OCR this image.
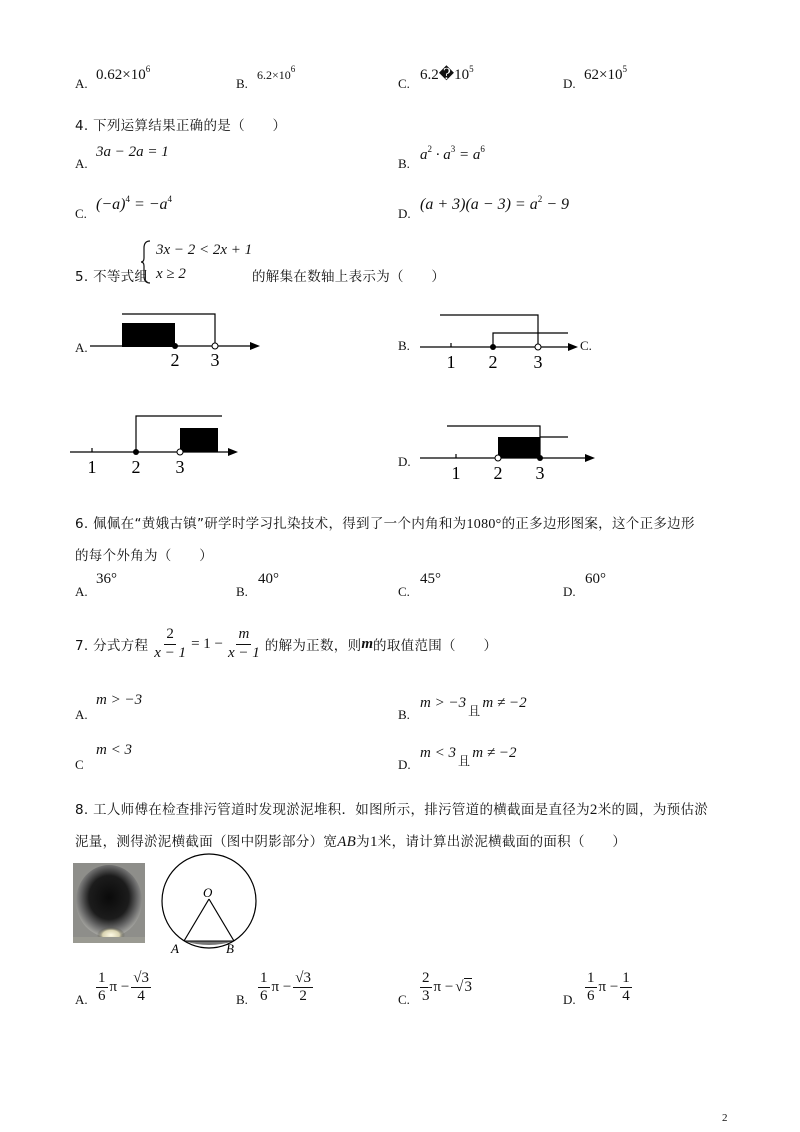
A.
$0.62\times 10^6$
B.
$6.2\times 10^6$
C.
$6.2�10^5$
D.
$62\times 10^5$
4. 下列运算结果正确的是（　　）
A.
3a − 2a = 1
B.
$a^2 \cdot a^3 = a^6$
C.
$(-a)^4 = -a^4$
D.
$(a + 3)(a - 3) = a^2 - 9$
5. 不等式组
3x − 2 < 2x + 1
x ≥ 2	的解集在数轴上表示为（　　）
A.
2 3
B.
1 2 3
C.
1 2 3	D.
1 2 3
6. 佩佩在“黄娥古镇”研学时学习扎染技术，得到了一个内角和为1080°的正多边形图案，这个正多边形
的每个外角为（　　）
A.
36°
B.
40°
C.
45°
D.
60°
7. 分式方程 $\frac{2}{x - 1} = 1 - \frac{m}{x - 1}$ 的解为正数，则 m 的取值范围（　　）
A.
m > −3
B.
m > −3 $_且$ m ≠ −2
C
m < 3
D.
m < 3 $_且$ m ≠ −2
8. 工人师傅在检查排污管道时发现淤泥堆积．如图所示，排污管道的横截面是直径为2米的圆，为预估淤
泥量，测得淤泥横截面（图中阴影部分）宽AB为1米，请计算出淤泥横截面的面积（　　）
O
A	B
A. $\frac{1}{6}$ $\pi - \frac{√3}{4}$	B. $\frac{1}{6}$ $\pi - \frac{√3}{2}$	C. $\frac{2}{3}$ π − √3
D. $\frac{1}{6}$ $\pi - \frac{1}{4}$
2
